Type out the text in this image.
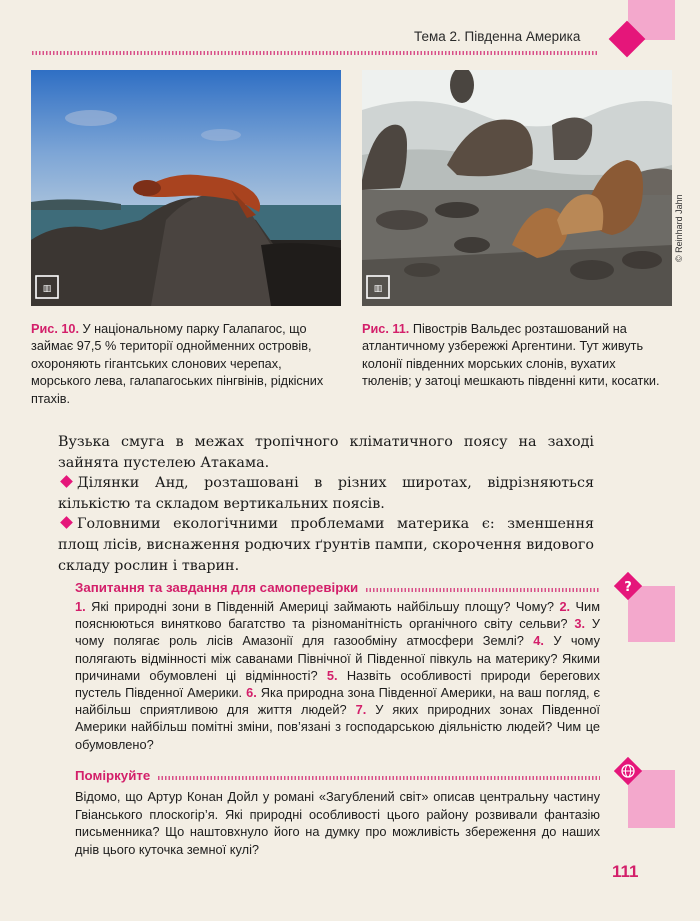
Тема 2. Південна Америка
▥	▥
© Reinhard Jahn
Рис. 10. У національному парку Галапагос, що займає 97,5 % території однойменних островів, охороняють гігантських слонових черепах, морського лева, галапагоських пінгвінів, рідкісних птахів.
Рис. 11. Півострів Вальдес розташований на атлантичному узбережжі Аргентини. Тут живуть колонії південних морських слонів, вухатих тюленів; у затоці мешкають південні кити, косатки.

Вузька смуга в межах тропічного кліматичного поясу на заході зайнята пустелею Атакама.

Ділянки Анд, розташовані в різних широтах, відрізняються кількістю та складом вертикальних поясів.

Головними екологічними проблемами материка є: зменшення площ лісів, виснаження родючих ґрунтів пампи, скорочення видового складу рослин і тварин.

?
Запитання та завдання для самоперевірки
1. Які природні зони в Південній Америці займають найбільшу площу? Чому? 2. Чим пояснюються винятково багатство та різноманітність органічного світу сельви? 3. У чому полягає роль лісів Амазонії для газообміну атмосфери Землі? 4. У чому полягають відмінності між саванами Північної й Південної півкуль на материку? Якими причинами обумовлені ці відмінності? 5. Назвіть особливості природи берегових пустель Південної Америки. 6. Яка природна зона Південної Америки, на ваш погляд, є найбільш сприятливою для життя людей? 7. У яких природних зонах Південної Америки найбільш помітні зміни, пов’язані з господарською діяльністю людей? Чим це обумовлено?
Поміркуйте
Відомо, що Артур Конан Дойл у романі «Загублений світ» описав центральну частину Гвіанського плоскогір’я. Які природні особливості цього району розвивали фантазію письменника? Що наштовхнуло його на думку про можливість збереження до наших днів цього куточка земної кулі?
111
